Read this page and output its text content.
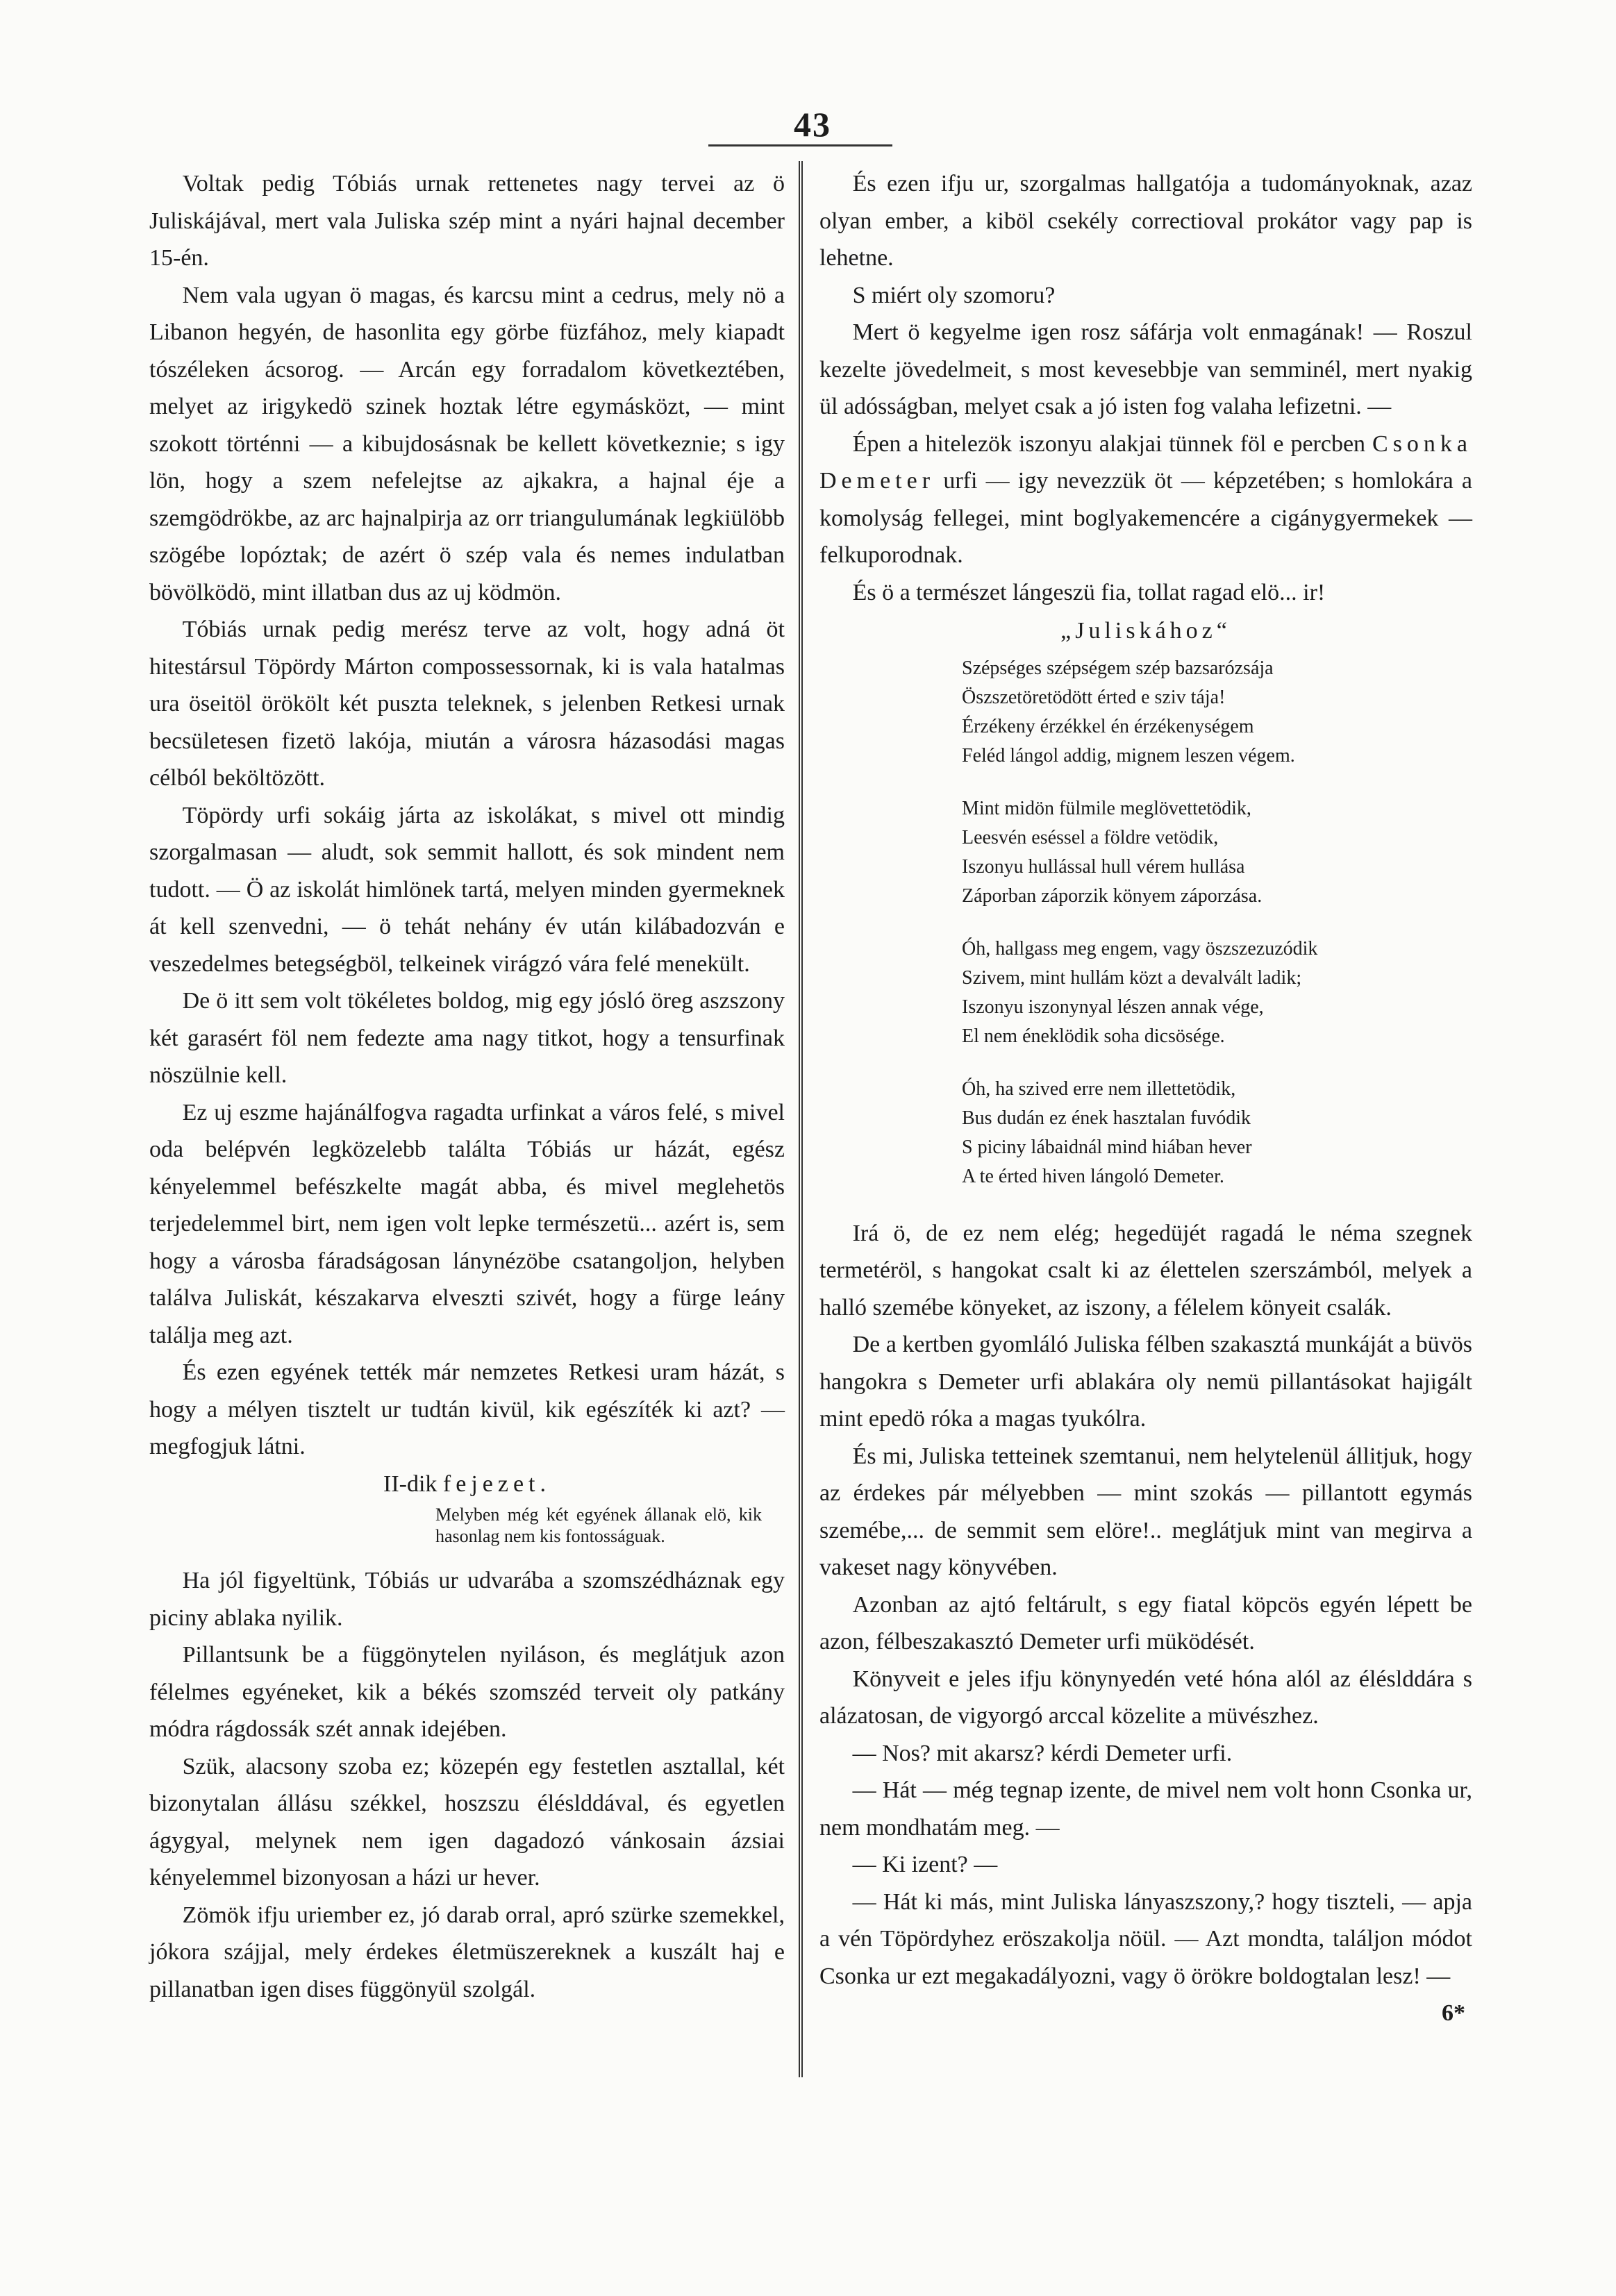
43

Voltak pedig Tóbiás urnak rettenetes nagy tervei az ö Juliskájával, mert vala Juliska szép mint a nyári hajnal december 15-én.

Nem vala ugyan ö magas, és karcsu mint a cedrus, mely nö a Libanon hegyén, de hasonlita egy görbe füzfához, mely kiapadt tószéleken ácsorog. — Arcán egy forradalom következtében, melyet az irigykedö szinek hoztak létre egymásközt, — mint szokott történni — a kibujdosásnak be kellett következnie; s igy lön, hogy a szem nefelejtse az ajkakra, a hajnal éje a szemgödrökbe, az arc hajnalpirja az orr triangulumának legkiülöbb szögébe lopóztak; de azért ö szép vala és nemes indulatban bövölködö, mint illatban dus az uj ködmön.

Tóbiás urnak pedig merész terve az volt, hogy adná öt hitestársul Töpördy Márton compossessornak, ki is vala hatalmas ura öseitöl örökölt két puszta teleknek, s jelenben Retkesi urnak becsületesen fizetö lakója, miután a városra házasodási magas célból beköltözött.

Töpördy urfi sokáig járta az iskolákat, s mivel ott mindig szorgalmasan — aludt, sok semmit hallott, és sok mindent nem tudott. — Ö az iskolát himlönek tartá, melyen minden gyermeknek át kell szenvedni, — ö tehát nehány év után kilábadozván e veszedelmes betegségböl, telkeinek virágzó vára felé menekült.

De ö itt sem volt tökéletes boldog, mig egy jósló öreg aszszony két garasért föl nem fedezte ama nagy titkot, hogy a tensurfinak nöszülnie kell.

Ez uj eszme hajánálfogva ragadta urfinkat a város felé, s mivel oda belépvén legközelebb találta Tóbiás ur házát, egész kényelemmel befészkelte magát abba, és mivel meglehetös terjedelemmel birt, nem igen volt lepke természetü... azért is, sem hogy a városba fáradságosan lánynézöbe csatangoljon, helyben találva Juliskát, készakarva elveszti szivét, hogy a fürge leány találja meg azt.

És ezen egyének tették már nemzetes Retkesi uram házát, s hogy a mélyen tisztelt ur tudtán kivül, kik egészíték ki azt? — megfogjuk látni.

II-dik fejezet.

Melyben még két egyének állanak elö, kik hasonlag nem kis fontosságuak.

Ha jól figyeltünk, Tóbiás ur udvarába a szomszédháznak egy piciny ablaka nyilik.

Pillantsunk be a függönytelen nyiláson, és meglátjuk azon félelmes egyéneket, kik a békés szomszéd terveit oly patkány módra rágdossák szét annak idejében.

Szük, alacsony szoba ez; közepén egy festetlen asztallal, két bizonytalan állásu székkel, hoszszu éléslddával, és egyetlen ágygyal, melynek nem igen dagadozó vánkosain ázsiai kényelemmel bizonyosan a házi ur hever.

Zömök ifju uriember ez, jó darab orral, apró szürke szemekkel, jókora szájjal, mely érdekes életmüszereknek a kuszált haj e pillanatban igen dises függönyül szolgál.

És ezen ifju ur, szorgalmas hallgatója a tudományoknak, azaz olyan ember, a kiböl csekély correctioval prokátor vagy pap is lehetne.

S miért oly szomoru?

Mert ö kegyelme igen rosz sáfárja volt enmagának! — Roszul kezelte jövedelmeit, s most kevesebbje van semminél, mert nyakig ül adósságban, melyet csak a jó isten fog valaha lefizetni. —

Épen a hitelezök iszonyu alakjai tünnek föl e percben Csonka Demeter urfi — igy nevezzük öt — képzetében; s homlokára a komolyság fellegei, mint boglyakemencére a cigánygyermekek — felkuporodnak.

És ö a természet lángeszü fia, tollat ragad elö... ir!

„Juliskához“

Szépséges szépségem szép bazsarózsája
Öszszetöretödött érted e sziv tája!
Érzékeny érzékkel én érzékenységem
Feléd lángol addig, mignem leszen végem.
Mint midön fülmile meglövettetödik,
Leesvén eséssel a földre vetödik,
Iszonyu hullással hull vérem hullása
Záporban záporzik könyem záporzása.
Óh, hallgass meg engem, vagy öszszezuzódik
Szivem, mint hullám közt a devalvált ladik;
Iszonyu iszonynyal lészen annak vége,
El nem éneklödik soha dicsösége.
Óh, ha szived erre nem illettetödik,
Bus dudán ez ének hasztalan fuvódik
S piciny lábaidnál mind hiában hever
A te érted hiven lángoló Demeter.

Irá ö, de ez nem elég; hegedüjét ragadá le néma szegnek termetéröl, s hangokat csalt ki az élettelen szerszámból, melyek a halló szemébe könyeket, az iszony, a félelem könyeit csalák.

De a kertben gyomláló Juliska félben szakasztá munkáját a büvös hangokra s Demeter urfi ablakára oly nemü pillantásokat hajigált mint epedö róka a magas tyukólra.

És mi, Juliska tetteinek szemtanui, nem helytelenül állitjuk, hogy az érdekes pár mélyebben — mint szokás — pillantott egymás szemébe,... de semmit sem elöre!.. meglátjuk mint van megirva a vakeset nagy könyvében.

Azonban az ajtó feltárult, s egy fiatal köpcös egyén lépett be azon, félbeszakasztó Demeter urfi müködését.

Könyveit e jeles ifju könynyedén veté hóna alól az éléslddára s alázatosan, de vigyorgó arccal közelite a müvészhez.

— Nos? mit akarsz? kérdi Demeter urfi.

— Hát — még tegnap izente, de mivel nem volt honn Csonka ur, nem mondhatám meg. —

— Ki izent? —

— Hát ki más, mint Juliska lányaszszony,? hogy tiszteli, — apja a vén Töpördyhez eröszakolja nöül. — Azt mondta, találjon módot Csonka ur ezt megakadályozni, vagy ö örökre boldogtalan lesz! —

6*
